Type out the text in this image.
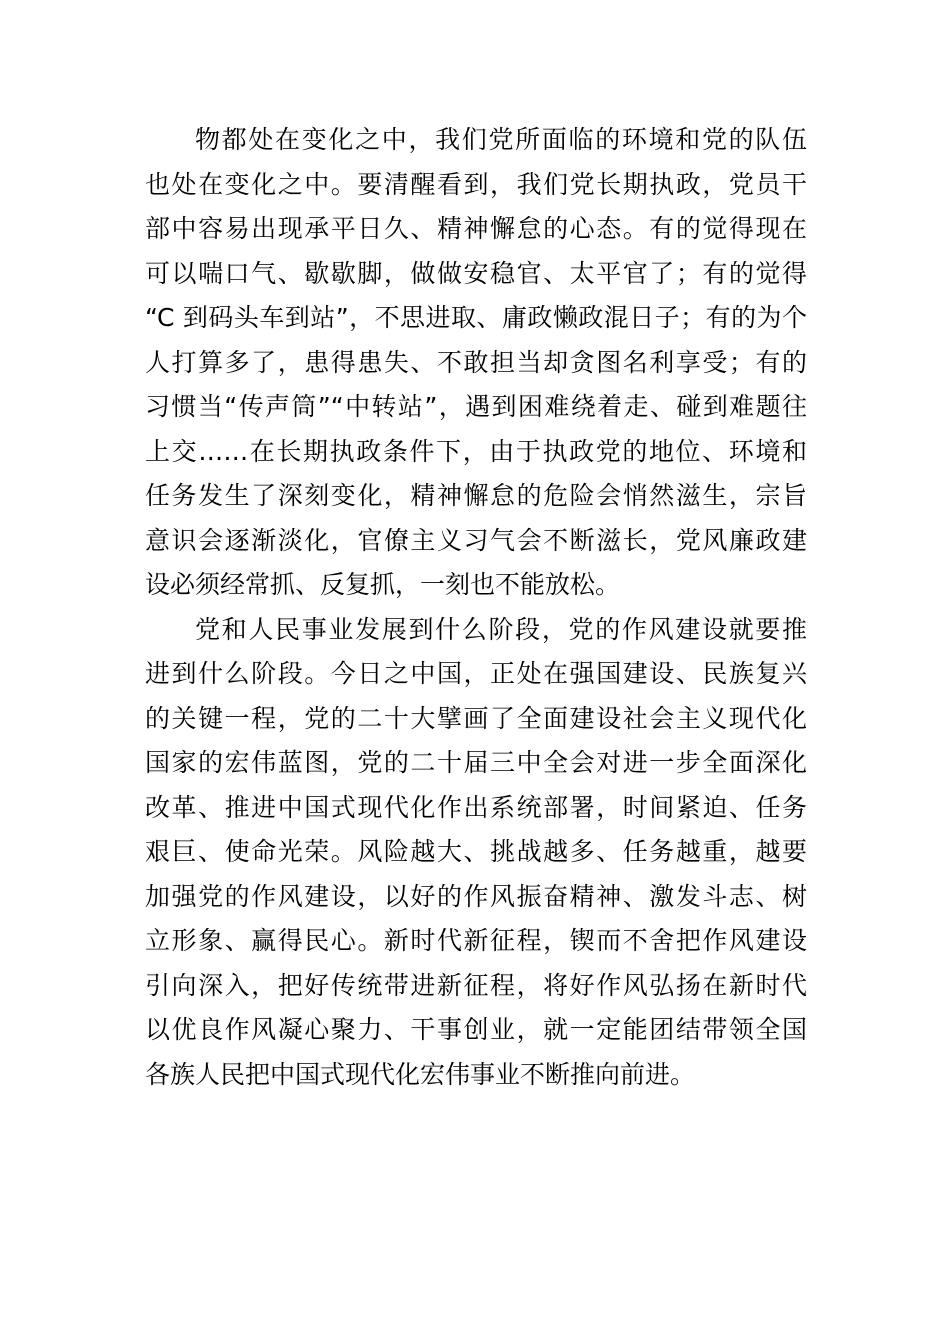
物都处在变化之中，我们党所面临的环境和党的队伍
也处在变化之中。要清醒看到，我们党长期执政，党员干
部中容易出现承平日久、精神懈怠的心态。有的觉得现在
可以喘口气、歇歇脚，做做安稳官、太平官了；有的觉得
“C 到码头车到站”，不思进取、庸政懒政混日子；有的为个
人打算多了，患得患失、不敢担当却贪图名利享受；有的
习惯当“传声筒”“中转站”，遇到困难绕着走、碰到难题往
上交……在长期执政条件下，由于执政党的地位、环境和
任务发生了深刻变化，精神懈怠的危险会悄然滋生，宗旨
意识会逐渐淡化，官僚主义习气会不断滋长，党风廉政建
设必须经常抓、反复抓，一刻也不能放松。
党和人民事业发展到什么阶段，党的作风建设就要推
进到什么阶段。今日之中国，正处在强国建设、民族复兴
的关键一程，党的二十大擘画了全面建设社会主义现代化
国家的宏伟蓝图，党的二十届三中全会对进一步全面深化
改革、推进中国式现代化作出系统部署，时间紧迫、任务
艰巨、使命光荣。风险越大、挑战越多、任务越重，越要
加强党的作风建设，以好的作风振奋精神、激发斗志、树
立形象、赢得民心。新时代新征程，锲而不舍把作风建设
引向深入，把好传统带进新征程，将好作风弘扬在新时代
以优良作风凝心聚力、干事创业，就一定能团结带领全国
各族人民把中国式现代化宏伟事业不断推向前进。
